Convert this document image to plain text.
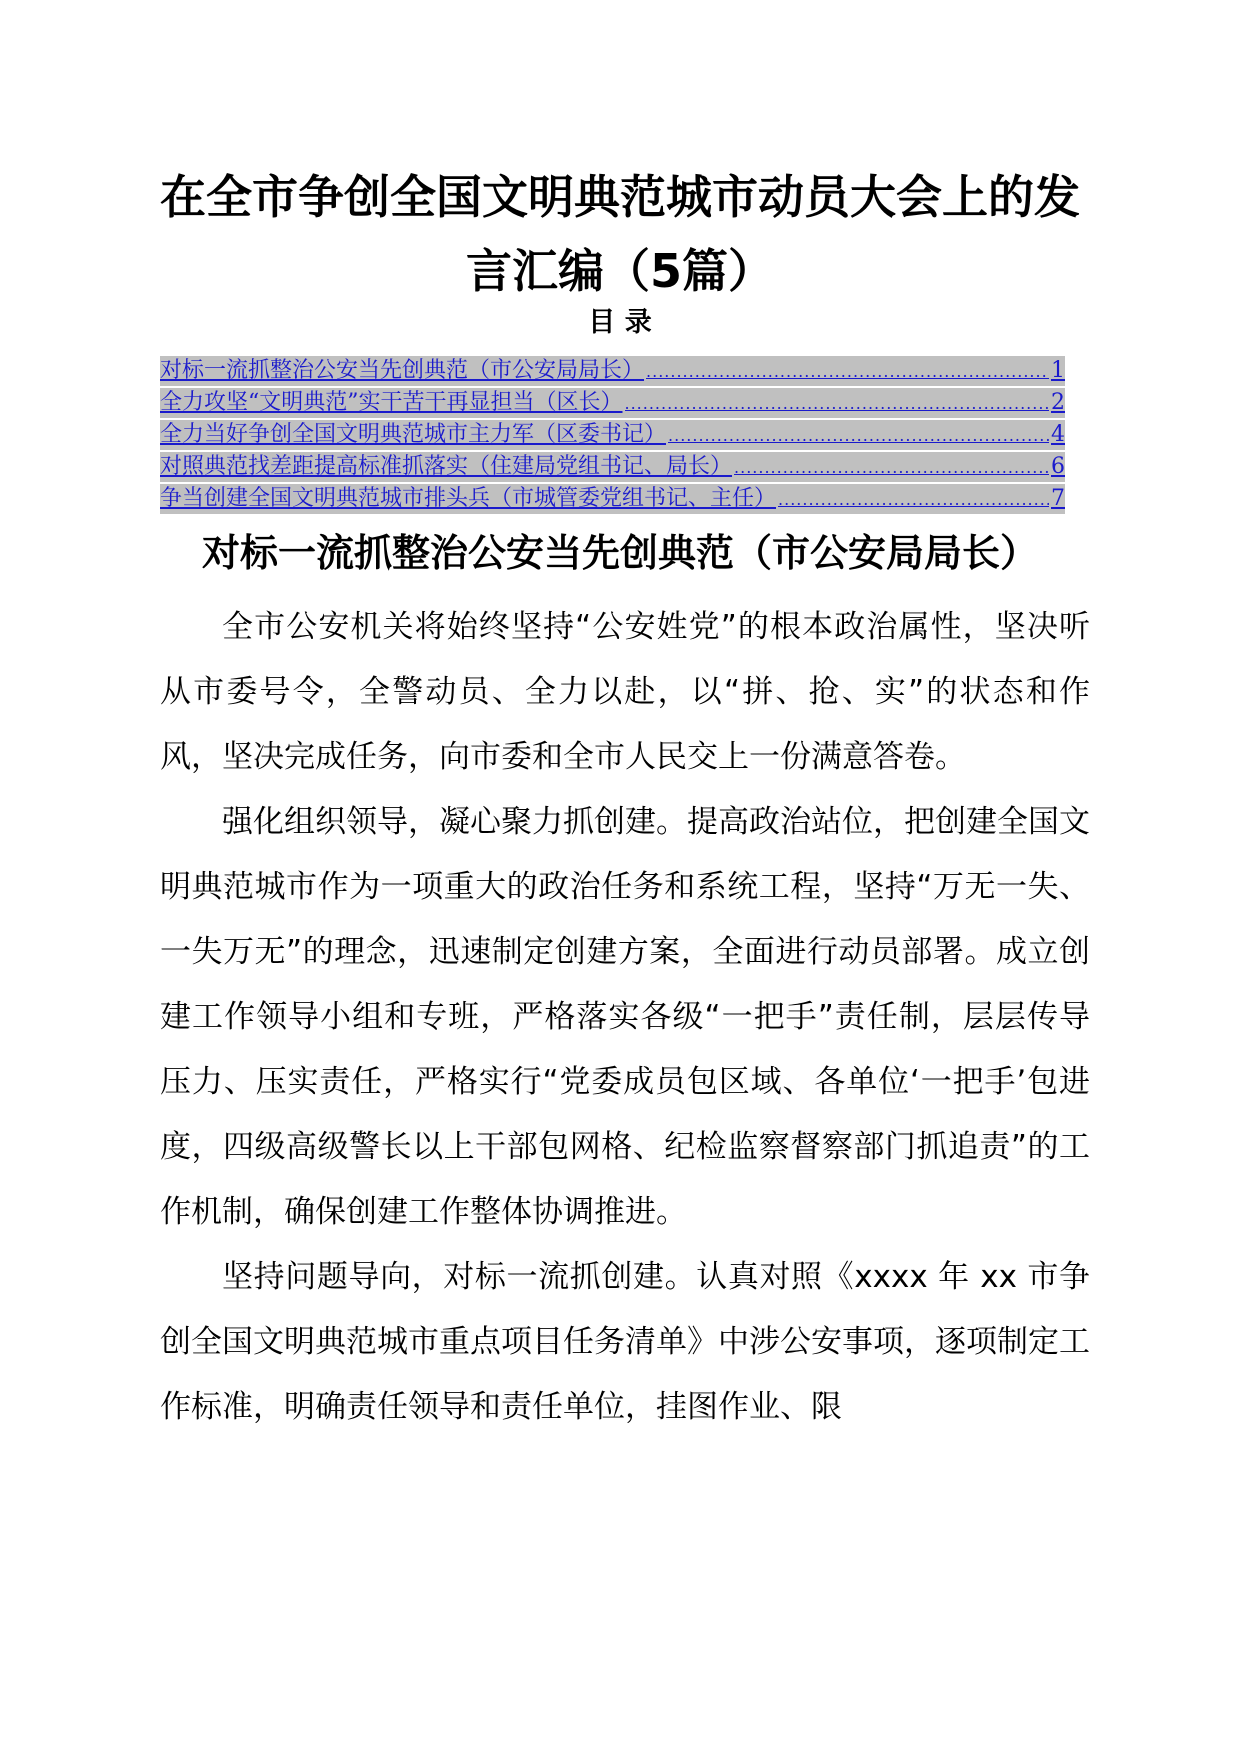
在全市争创全国文明典范城市动员大会上的发言汇编（5篇）
目 录
对标一流抓整治公安当先创典范（市公安局局长） .....	1
全力攻坚“文明典范”实干苦干再显担当（区长） .....	2
全力当好争创全国文明典范城市主力军（区委书记） .....	4
对照典范找差距提高标准抓落实（住建局党组书记、局长） .....	6
争当创建全国文明典范城市排头兵（市城管委党组书记、主任） .....	7
对标一流抓整治公安当先创典范（市公安局局长）

全市公安机关将始终坚持“公安姓党”的根本政治属性，坚决听从市委号令，全警动员、全力以赴，以“拼、抢、实”的状态和作风，坚决完成任务，向市委和全市人民交上一份满意答卷。

强化组织领导，凝心聚力抓创建。提高政治站位，把创建全国文明典范城市作为一项重大的政治任务和系统工程，坚持“万无一失、一失万无”的理念，迅速制定创建方案，全面进行动员部署。成立创建工作领导小组和专班，严格落实各级“一把手”责任制，层层传导压力、压实责任，严格实行“党委成员包区域、各单位‘一把手’包进度，四级高级警长以上干部包网格、纪检监察督察部门抓追责”的工作机制，确保创建工作整体协调推进。

坚持问题导向，对标一流抓创建。认真对照《xxxx 年 xx 市争创全国文明典范城市重点项目任务清单》中涉公安事项，逐项制定工作标准，明确责任领导和责任单位，挂图作业、限
